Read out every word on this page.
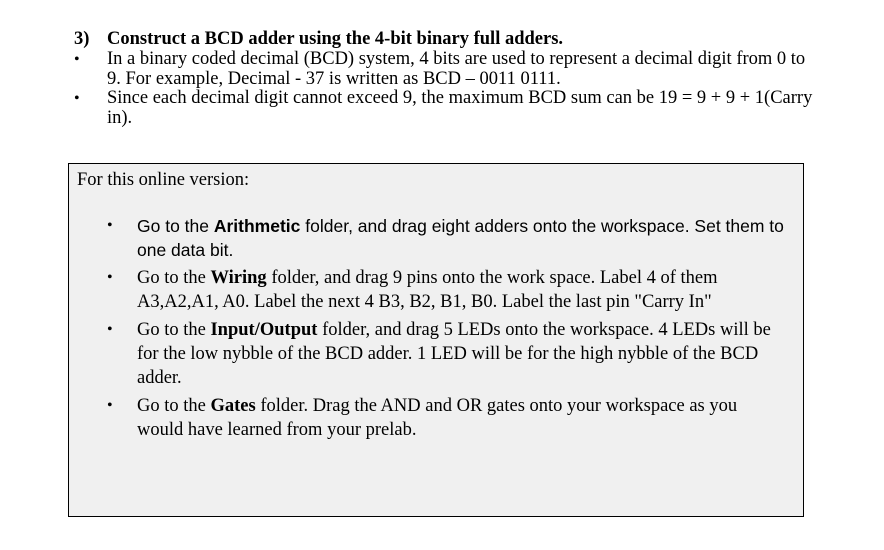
3) Construct a BCD adder using the 4-bit binary full adders.
•	In a binary coded decimal (BCD) system, 4 bits are used to represent a decimal digit from 0 to 9. For example, Decimal - 37 is written as BCD – 0011 0111.
•	Since each decimal digit cannot exceed 9, the maximum BCD sum can be 19 = 9 + 9 + 1(Carry in).
For this online version:
•	Go to the Arithmetic folder, and drag eight adders onto the workspace. Set them to one data bit.
•	Go to the Wiring folder, and drag 9 pins onto the work space. Label 4 of them A3,A2,A1, A0. Label the next 4 B3, B2, B1, B0. Label the last pin "Carry In"
•	Go to the Input/Output folder, and drag 5 LEDs onto the workspace. 4 LEDs will be for the low nybble of the BCD adder. 1 LED will be for the high nybble of the BCD adder.
•	Go to the Gates folder. Drag the AND and OR gates onto your workspace as you would have learned from your prelab.
